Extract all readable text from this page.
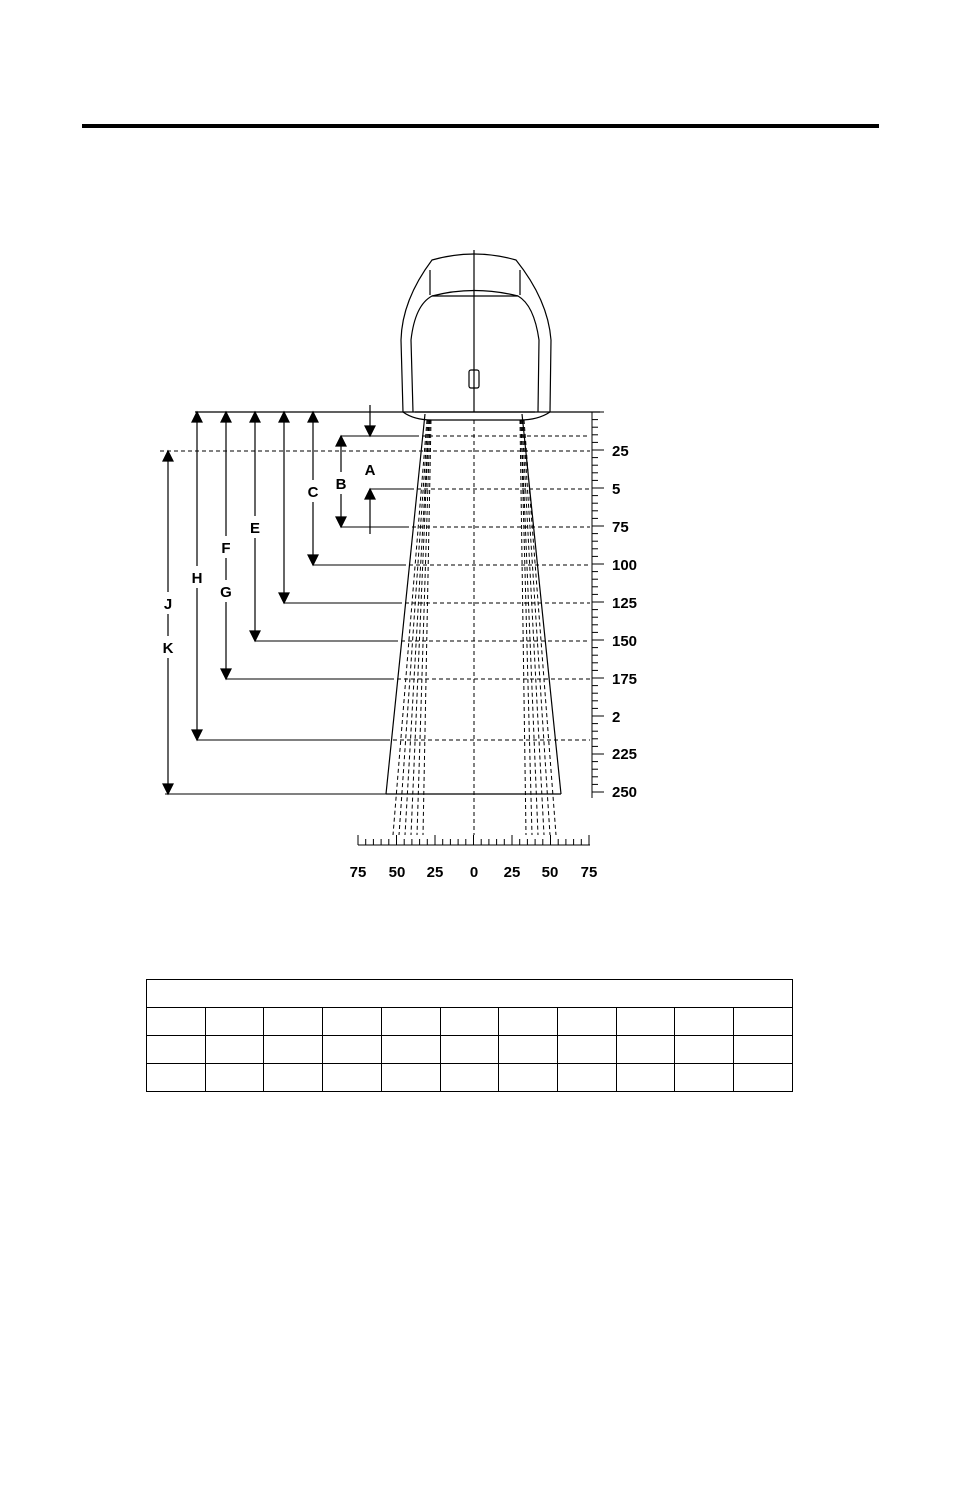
A
B
C
E
F
G
H
J
K
25
5
75
100
125
150
175
2
225
250
75 50 25 0 25 50 75
